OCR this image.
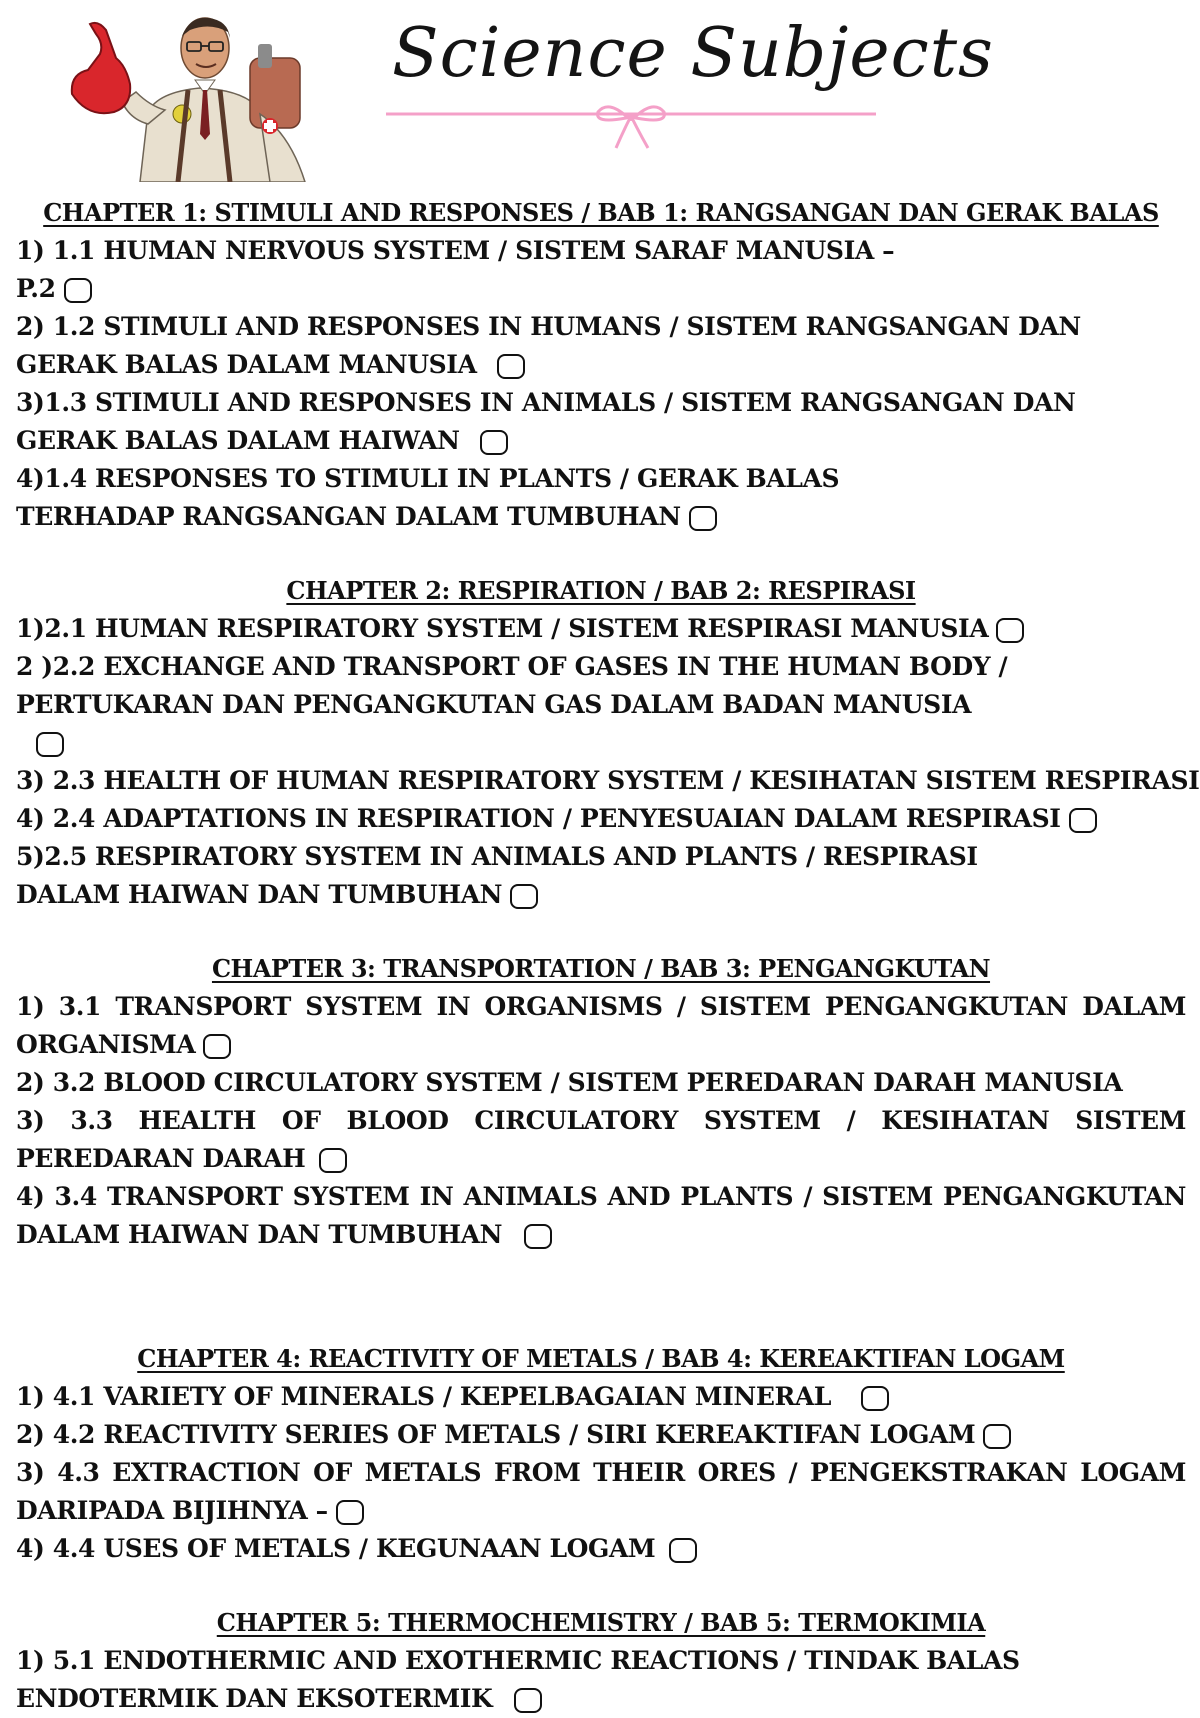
Science Subjects
CHAPTER 1: STIMULI AND RESPONSES / BAB 1: RANGSANGAN DAN GERAK BALAS
1) 1.1 HUMAN NERVOUS SYSTEM / SISTEM SARAF MANUSIA – P.2
2) 1.2 STIMULI AND RESPONSES IN HUMANS / SISTEM RANGSANGAN DAN GERAK BALAS DALAM MANUSIA
3)1.3 STIMULI AND RESPONSES IN ANIMALS / SISTEM RANGSANGAN DAN GERAK BALAS DALAM HAIWAN
4)1.4 RESPONSES TO STIMULI IN PLANTS / GERAK BALAS TERHADAP RANGSANGAN DALAM TUMBUHAN
CHAPTER 2: RESPIRATION / BAB 2: RESPIRASI
1)2.1 HUMAN RESPIRATORY SYSTEM / SISTEM RESPIRASI MANUSIA
2 )2.2 EXCHANGE AND TRANSPORT OF GASES IN THE HUMAN BODY / PERTUKARAN DAN PENGANGKUTAN GAS DALAM BADAN MANUSIA
3) 2.3 HEALTH OF HUMAN RESPIRATORY SYSTEM / KESIHATAN SISTEM RESPIRASI
4) 2.4 ADAPTATIONS IN RESPIRATION / PENYESUAIAN DALAM RESPIRASI
5)2.5 RESPIRATORY SYSTEM IN ANIMALS AND PLANTS / RESPIRASI DALAM HAIWAN DAN TUMBUHAN
CHAPTER 3: TRANSPORTATION / BAB 3: PENGANGKUTAN
1) 3.1 TRANSPORT SYSTEM IN ORGANISMS / SISTEM PENGANGKUTAN DALAM ORGANISMA
2) 3.2 BLOOD CIRCULATORY SYSTEM / SISTEM PEREDARAN DARAH MANUSIA
3) 3.3 HEALTH OF BLOOD CIRCULATORY SYSTEM / KESIHATAN SISTEM PEREDARAN DARAH
4) 3.4 TRANSPORT SYSTEM IN ANIMALS AND PLANTS / SISTEM PENGANGKUTAN DALAM HAIWAN DAN TUMBUHAN
CHAPTER 4: REACTIVITY OF METALS / BAB 4: KEREAKTIFAN LOGAM
1) 4.1 VARIETY OF MINERALS / KEPELBAGAIAN MINERAL
2) 4.2 REACTIVITY SERIES OF METALS / SIRI KEREAKTIFAN LOGAM
3) 4.3 EXTRACTION OF METALS FROM THEIR ORES / PENGEKSTRAKAN LOGAM DARIPADA BIJIHNYA –
4) 4.4 USES OF METALS / KEGUNAAN LOGAM
CHAPTER 5: THERMOCHEMISTRY / BAB 5: TERMOKIMIA
1) 5.1 ENDOTHERMIC AND EXOTHERMIC REACTIONS / TINDAK BALAS ENDOTERMIK DAN EKSOTERMIK
